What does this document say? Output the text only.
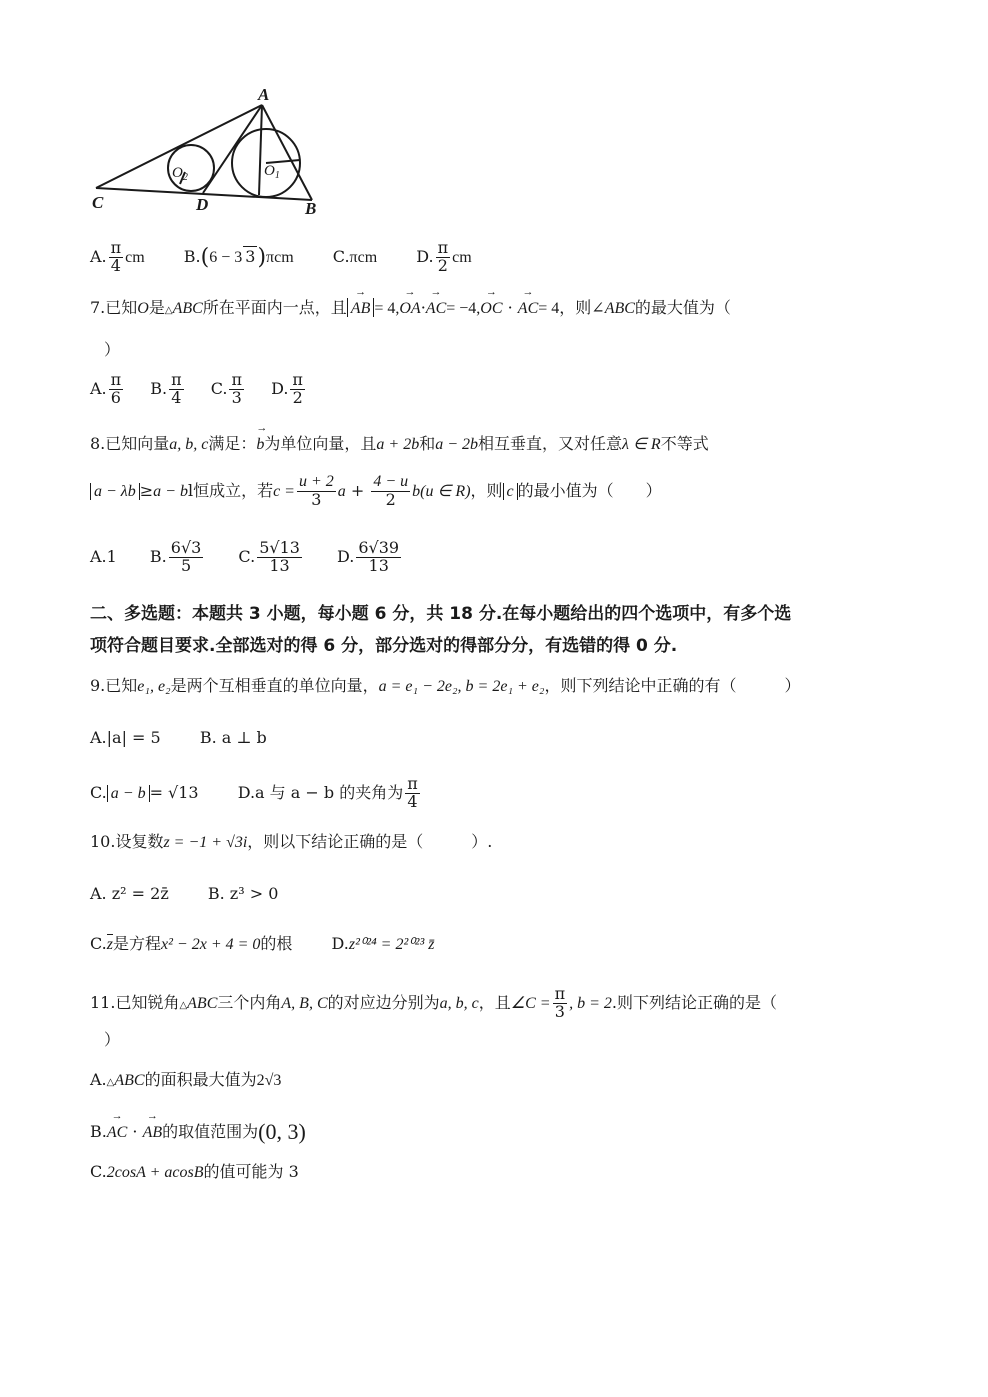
A
C	D	B
$O_1$
$O_2$
A. $\frac{\pi}{4}$ cm B.(6 − 3 3)πcm C.πcm D. $\frac{\pi}{2}$ cm
7.已知O是△ABC所在平面内一点，且→ AB = 4,→ OA·→ AC= −4,→ OC · → AC= 4，则∠ABC的最大值为（
）
A. $\frac{\pi}{6} B$. $\frac{\pi}{4} C$. $\frac{\pi}{3} D$. $\frac{\pi}{2}$
8.已知向量a, b, c满足：→ b为单位向量，且a + 2b和a − 2b相互垂直，又对任意λ ∈ R不等式
a − λb ≥a − bl恒成立，若$c = \frac{u + 2}{3}$ $a + \frac{4 - u}{2} b(u$ ∈ R)，则 c 的最小值为（　　）
A.1 B. $\frac{6√3}{5} C$. $\frac{5√13}{13} D$. $\frac{6√39}{13}$
二、多选题：本题共 3 小题，每小题 6 分，共 18 分.在每小题给出的四个选项中，有多个选
项符合题目要求.全部选对的得 6 分，部分选对的得部分分，有选错的得 0 分.
9.已知e₁, e₂是两个互相垂直的单位向量，a = e₁ − 2e₂, b = 2e₁ + e₂，则下列结论中正确的有（　　　）
A.|a| = 5 B. a ⊥ b
C. a − b = √13 D.a 与 a − b 的夹角为 $\frac{\pi}{4}$
10.设复数z = −1 + √3i，则以下结论正确的是（　　　）.
A. z² = 2z̄ B. z³ > 0
C.z是方程x² − 2x + 4 = 0的根 D.z²⁰²⁴ = 2²⁰²³ z̄
11.已知锐角△ABC三个内角A, B, C的对应边分别为a, b, c，且∠C = $\frac{\pi}{3}$ , b = 2.则下列结论正确的是（
）
A.△ABC的面积最大值为2√3
B.→ AC · → AB的取值范围为(0, 3)
C.2cosA + acosB的值可能为 3
